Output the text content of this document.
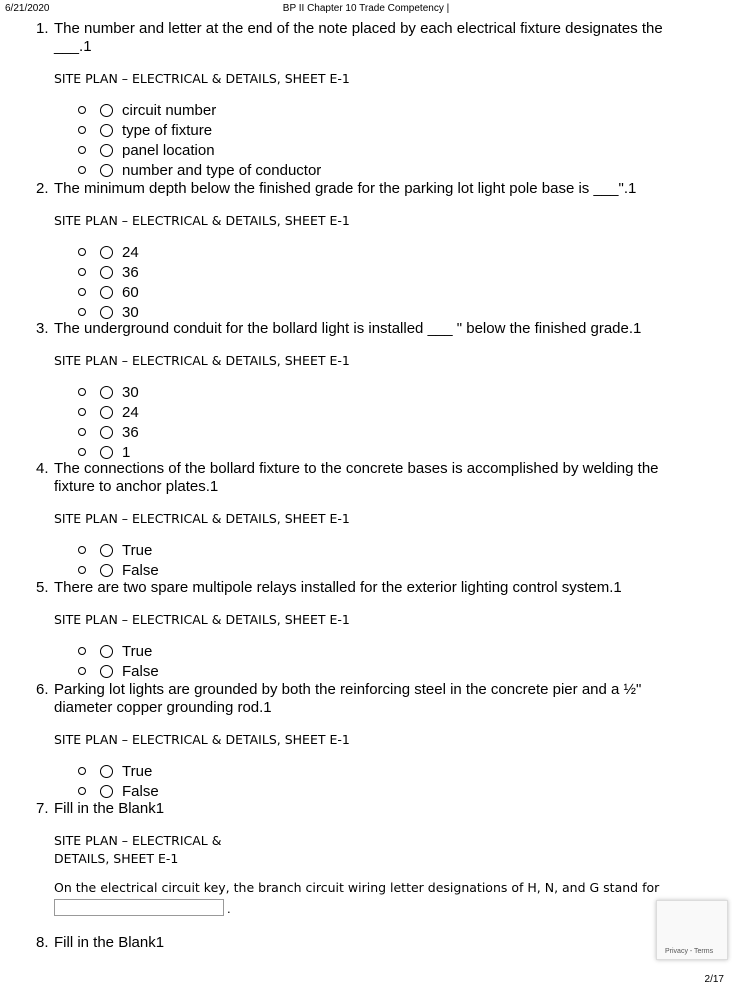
6/21/2020	BP II Chapter 10 Trade Competency |
1. The number and letter at the end of the note placed by each electrical fixture designates the ___.1
SITE PLAN – ELECTRICAL & DETAILS, SHEET E-1
circuit number
type of fixture
panel location
number and type of conductor
2. The minimum depth below the finished grade for the parking lot light pole base is ___".1
SITE PLAN – ELECTRICAL & DETAILS, SHEET E-1
24
36
60
30
3. The underground conduit for the bollard light is installed ___ " below the finished grade.1
SITE PLAN – ELECTRICAL & DETAILS, SHEET E-1
30
24
36
1
4. The connections of the bollard fixture to the concrete bases is accomplished by welding the fixture to anchor plates.1
SITE PLAN – ELECTRICAL & DETAILS, SHEET E-1
True
False
5. There are two spare multipole relays installed for the exterior lighting control system.1
SITE PLAN – ELECTRICAL & DETAILS, SHEET E-1
True
False
6. Parking lot lights are grounded by both the reinforcing steel in the concrete pier and a ½" diameter copper grounding rod.1
SITE PLAN – ELECTRICAL & DETAILS, SHEET E-1
True
False
7. Fill in the Blank1
SITE PLAN – ELECTRICAL &
DETAILS, SHEET E-1
On the electrical circuit key, the branch circuit wiring letter designations of H, N, and G stand for
.
8. Fill in the Blank1
Privacy - Terms
2/17
